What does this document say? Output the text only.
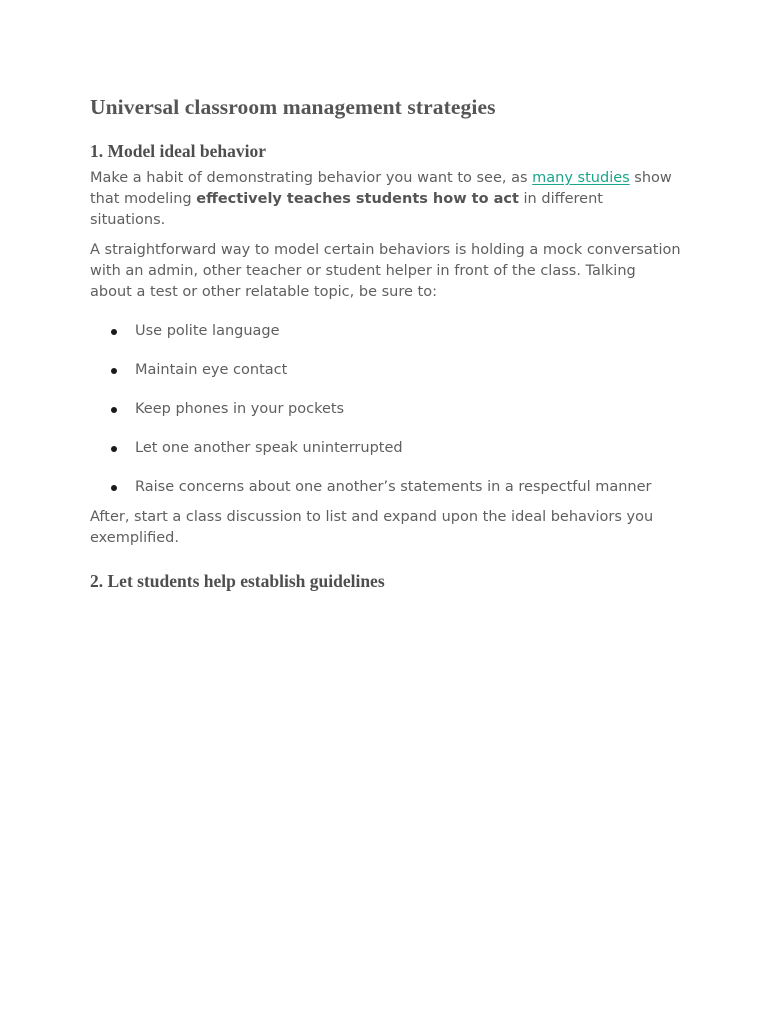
Universal classroom management strategies
1. Model ideal behavior

Make a habit of demonstrating behavior you want to see, as many studies show that modeling effectively teaches students how to act in different situations.

A straightforward way to model certain behaviors is holding a mock conversation with an admin, other teacher or student helper in front of the class. Talking about a test or other relatable topic, be sure to:

Use polite language
Maintain eye contact
Keep phones in your pockets
Let one another speak uninterrupted
Raise concerns about one another’s statements in a respectful manner

After, start a class discussion to list and expand upon the ideal behaviors you exemplified.

2. Let students help establish guidelines
